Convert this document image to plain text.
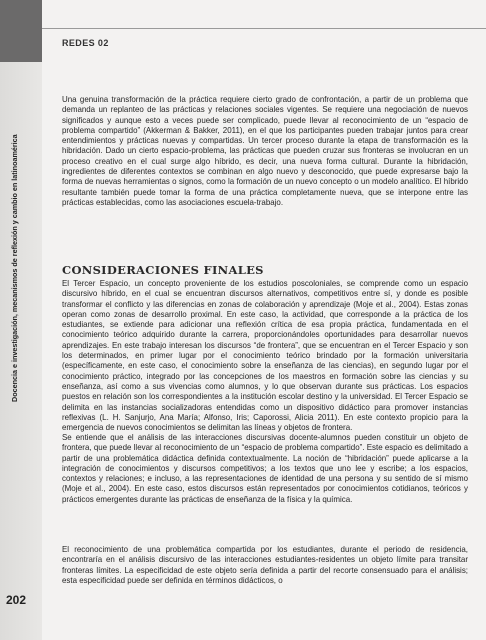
REDES 02
Docencia e investigación, mecanismos de reflexión y cambio en latinoamérica
202

Una genuina transformación de la práctica requiere cierto grado de confrontación, a partir de un problema que demanda un replanteo de las prácticas y relaciones sociales vigentes. Se requiere una negociación de nuevos significados y aunque esto a veces puede ser complicado, puede llevar al reconocimiento de un “espacio de problema compartido” (Akkerman & Bakker, 2011), en el que los participantes pueden trabajar juntos para crear entendimientos y prácticas nuevas y compartidas. Un tercer proceso durante la etapa de transformación es la hibridación. Dado un cierto espacio-problema, las prácticas que pueden cruzar sus fronteras se involucran en un proceso creativo en el cual surge algo híbrido, es decir, una nueva forma cultural. Durante la hibridación, ingredientes de diferentes contextos se combinan en algo nuevo y desconocido, que puede expresarse bajo la forma de nuevas herramientas o signos, como la formación de un nuevo concepto o un modelo analítico. El híbrido resultante también puede tomar la forma de una práctica completamente nueva, que se interpone entre las prácticas establecidas, como las asociaciones escuela-trabajo.

CONSIDERACIONES FINALES

El Tercer Espacio, un concepto proveniente de los estudios poscoloniales, se comprende como un espacio discursivo híbrido, en el cual se encuentran discursos alternativos, competitivos entre sí, y donde es posible transformar el conflicto y las diferencias en zonas de colaboración y aprendizaje (Moje et al., 2004). Estas zonas operan como zonas de desarrollo proximal. En este caso, la actividad, que corresponde a la práctica de los estudiantes, se extiende para adicionar una reflexión crítica de esa propia práctica, fundamentada en el conocimiento teórico adquirido durante la carrera, proporcionándoles oportunidades para desarrollar nuevos aprendizajes. En este trabajo interesan los discursos “de frontera”, que se encuentran en el Tercer Espacio y son los determinados, en primer lugar por el conocimiento teórico brindado por la formación universitaria (específicamente, en este caso, el conocimiento sobre la enseñanza de las ciencias), en segundo lugar por el conocimiento práctico, integrado por las concepciones de los maestros en formación sobre las ciencias y su enseñanza, así como a sus vivencias como alumnos, y lo que observan durante sus prácticas. Los espacios puestos en relación son los correspondientes a la institución escolar destino y la universidad. El Tercer Espacio se delimita en las instancias socializadoras entendidas como un dispositivo didáctico para promover instancias reflexivas (L. H. Sanjurjo, Ana María; Alfonso, Iris; Caporossi, Alicia 2011). En este contexto propicio para la emergencia de nuevos conocimientos se delimitan las líneas y objetos de frontera.

Se entiende que el análisis de las interacciones discursivas docente-alumnos pueden constituir un objeto de frontera, que puede llevar al reconocimiento de un “espacio de problema compartido”. Este espacio es delimitado a partir de una problemática didáctica definida contextualmente. La noción de “hibridación” puede aplicarse a la integración de conocimientos y discursos competitivos; a los textos que uno lee y escribe; a los espacios, contextos y relaciones; e incluso, a las representaciones de identidad de una persona y su sentido de sí mismo (Moje et al., 2004). En este caso, estos discursos están representados por conocimientos cotidianos, teóricos y prácticos emergentes durante las prácticas de enseñanza de la física y la química.

El reconocimiento de una problemática compartida por los estudiantes, durante el periodo de residencia, encontraría en el análisis discursivo de las interacciones estudiantes-residentes un objeto límite para transitar fronteras límites. La especificidad de este objeto sería definida a partir del recorte consensuado para el análisis; esta especificidad puede ser definida en términos didácticos, o
